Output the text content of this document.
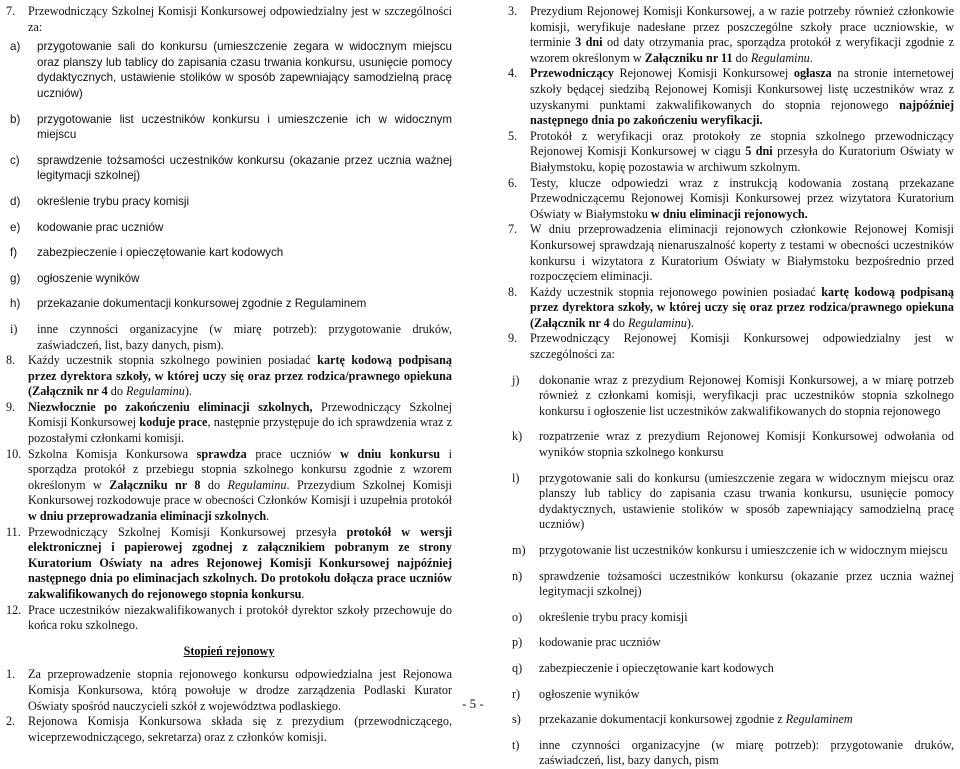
7.	Przewodniczący Szkolnej Komisji Konkursowej odpowiedzialny jest w szczególności za:
a)	przygotowanie sali do konkursu (umieszczenie zegara w widocznym miejscu oraz planszy lub tablicy do zapisania czasu trwania konkursu, usunięcie pomocy dydaktycznych, ustawienie stolików w sposób zapewniający samodzielną pracę uczniów)
b)	przygotowanie list uczestników konkursu i umieszczenie ich w widocznym miejscu
c)	sprawdzenie tożsamości uczestników konkursu (okazanie przez ucznia ważnej legitymacji szkolnej)
d)	określenie trybu pracy komisji
e)	kodowanie prac uczniów
f)	zabezpieczenie i opieczętowanie kart kodowych
g)	ogłoszenie wyników
h)	przekazanie dokumentacji konkursowej zgodnie z Regulaminem
i)	inne czynności organizacyjne (w miarę potrzeb): przygotowanie druków, zaświadczeń, list, bazy danych, pism).
8.	Każdy uczestnik stopnia szkolnego powinien posiadać kartę kodową podpisaną przez dyrektora szkoły, w której uczy się oraz przez rodzica/prawnego opiekuna (Załącznik nr 4 do Regulaminu).
9.	Niezwłocznie po zakończeniu eliminacji szkolnych, Przewodniczący Szkolnej Komisji Konkursowej koduje prace, następnie przystępuje do ich sprawdzenia wraz z pozostałymi członkami komisji.
10. Szkolna Komisja Konkursowa sprawdza prace uczniów w dniu konkursu i sporządza protokół z przebiegu stopnia szkolnego konkursu zgodnie z wzorem określonym w Załączniku nr 8 do Regulaminu. Przezydium Szkolnej Komisji Konkursowej rozkodowuje prace w obecności Członków Komisji i uzupełnia protokół w dniu przeprowadzania eliminacji szkolnych.
11. Przewodniczący Szkolnej Komisji Konkursowej przesyła protokół w wersji elektronicznej i papierowej zgodnej z załącznikiem pobranym ze strony Kuratorium Oświaty na adres Rejonowej Komisji Konkursowej najpóźniej następnego dnia po eliminacjach szkolnych. Do protokołu dołącza prace uczniów zakwalifikowanych do rejonowego stopnia konkursu.
12. Prace uczestników niezakwalifikowanych i protokół dyrektor szkoły przechowuje do końca roku szkolnego.
Stopień rejonowy
1.	Za przeprowadzenie stopnia rejonowego konkursu odpowiedzialna jest Rejonowa Komisja Konkursowa, którą powołuje w drodze zarządzenia Podlaski Kurator Oświaty spośród nauczycieli szkół z województwa podlaskiego.
2.	Rejonowa Komisja Konkursowa składa się z prezydium (przewodniczącego, wiceprzewodniczącego, sekretarza) oraz z członków komisji.
3.	Prezydium Rejonowej Komisji Konkursowej, a w razie potrzeby również członkowie komisji, weryfikuje nadesłane przez poszczególne szkoły prace uczniowskie, w terminie 3 dni od daty otrzymania prac, sporządza protokół z weryfikacji zgodnie z wzorem określonym w Załączniku nr 11 do Regulaminu.
4.	Przewodniczący Rejonowej Komisji Konkursowej ogłasza na stronie internetowej szkoły będącej siedzibą Rejonowej Komisji Konkursowej listę uczestników wraz z uzyskanymi punktami zakwalifikowanych do stopnia rejonowego najpóźniej następnego dnia po zakończeniu weryfikacji.
5.	Protokół z weryfikacji oraz protokoły ze stopnia szkolnego przewodniczący Rejonowej Komisji Konkursowej w ciągu 5 dni przesyła do Kuratorium Oświaty w Białymstoku, kopię pozostawia w archiwum szkolnym.
6.	Testy, klucze odpowiedzi wraz z instrukcją kodowania zostaną przekazane Przewodniczącemu Rejonowej Komisji Konkursowej przez wizytatora Kuratorium Oświaty w Białymstoku w dniu eliminacji rejonowych.
7.	W dniu przeprowadzenia eliminacji rejonowych członkowie Rejonowej Komisji Konkursowej sprawdzają nienaruszalność koperty z testami w obecności uczestników konkursu i wizytatora z Kuratorium Oświaty w Białymstoku bezpośrednio przed rozpoczęciem eliminacji.
8.	Każdy uczestnik stopnia rejonowego powinien posiadać kartę kodową podpisaną przez dyrektora szkoły, w której uczy się oraz przez rodzica/prawnego opiekuna (Załącznik nr 4 do Regulaminu).
9.	Przewodniczący Rejonowej Komisji Konkursowej odpowiedzialny jest w szczególności za:
j)	dokonanie wraz z prezydium Rejonowej Komisji Konkursowej, a w miarę potrzeb również z członkami komisji, weryfikacji prac uczestników stopnia szkolnego konkursu i ogłoszenie list uczestników zakwalifikowanych do stopnia rejonowego
k)	rozpatrzenie wraz z prezydium Rejonowej Komisji Konkursowej odwołania od wyników stopnia szkolnego konkursu
l)	przygotowanie sali do konkursu (umieszczenie zegara w widocznym miejscu oraz planszy lub tablicy do zapisania czasu trwania konkursu, usunięcie pomocy dydaktycznych, ustawienie stolików w sposób zapewniający samodzielną pracę uczniów)
m)	przygotowanie list uczestników konkursu i umieszczenie ich w widocznym miejscu
n)	sprawdzenie tożsamości uczestników konkursu (okazanie przez ucznia ważnej legitymacji szkolnej)
o)	określenie trybu pracy komisji
p)	kodowanie prac uczniów
q)	zabezpieczenie i opieczętowanie kart kodowych
r)	ogłoszenie wyników
s)	przekazanie dokumentacji konkursowej zgodnie z Regulaminem
t)	inne czynności organizacyjne (w miarę potrzeb): przygotowanie druków, zaświadczeń, list, bazy danych, pism
- 5 -
